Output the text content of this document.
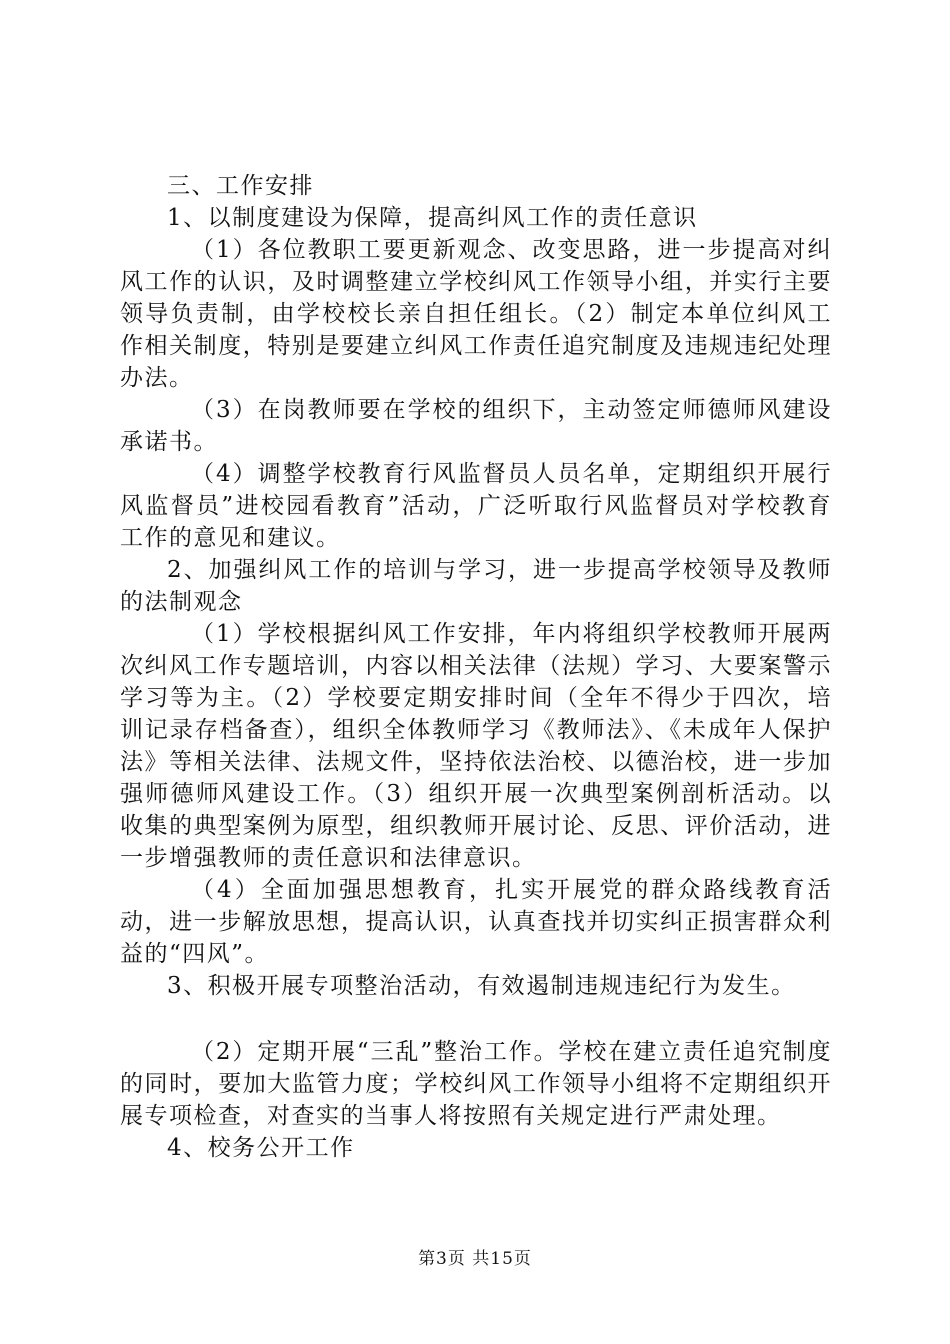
三、工作安排

1、以制度建设为保障，提高纠风工作的责任意识

（1）各位教职工要更新观念、改变思路，进一步提高对纠风工作的认识，及时调整建立学校纠风工作领导小组，并实行主要领导负责制，由学校校长亲自担任组长。（2）制定本单位纠风工作相关制度，特别是要建立纠风工作责任追究制度及违规违纪处理办法。

（3）在岗教师要在学校的组织下，主动签定师德师风建设承诺书。

（4）调整学校教育行风监督员人员名单，定期组织开展行风监督员”进校园看教育”活动，广泛听取行风监督员对学校教育工作的意见和建议。

2、加强纠风工作的培训与学习，进一步提高学校领导及教师的法制观念

（1）学校根据纠风工作安排，年内将组织学校教师开展两次纠风工作专题培训，内容以相关法律（法规）学习、大要案警示学习等为主。（2）学校要定期安排时间（全年不得少于四次，培训记录存档备查），组织全体教师学习《教师法》、《未成年人保护法》等相关法律、法规文件，坚持依法治校、以德治校，进一步加强师德师风建设工作。（3）组织开展一次典型案例剖析活动。以收集的典型案例为原型，组织教师开展讨论、反思、评价活动，进一步增强教师的责任意识和法律意识。

（4）全面加强思想教育，扎实开展党的群众路线教育活动，进一步解放思想，提高认识，认真查找并切实纠正损害群众利益的“四风”。

3、积极开展专项整治活动，有效遏制违规违纪行为发生。

（2）定期开展“三乱”整治工作。学校在建立责任追究制度的同时，要加大监管力度；学校纠风工作领导小组将不定期组织开展专项检查，对查实的当事人将按照有关规定进行严肃处理。

4、校务公开工作

第3页 共15页
